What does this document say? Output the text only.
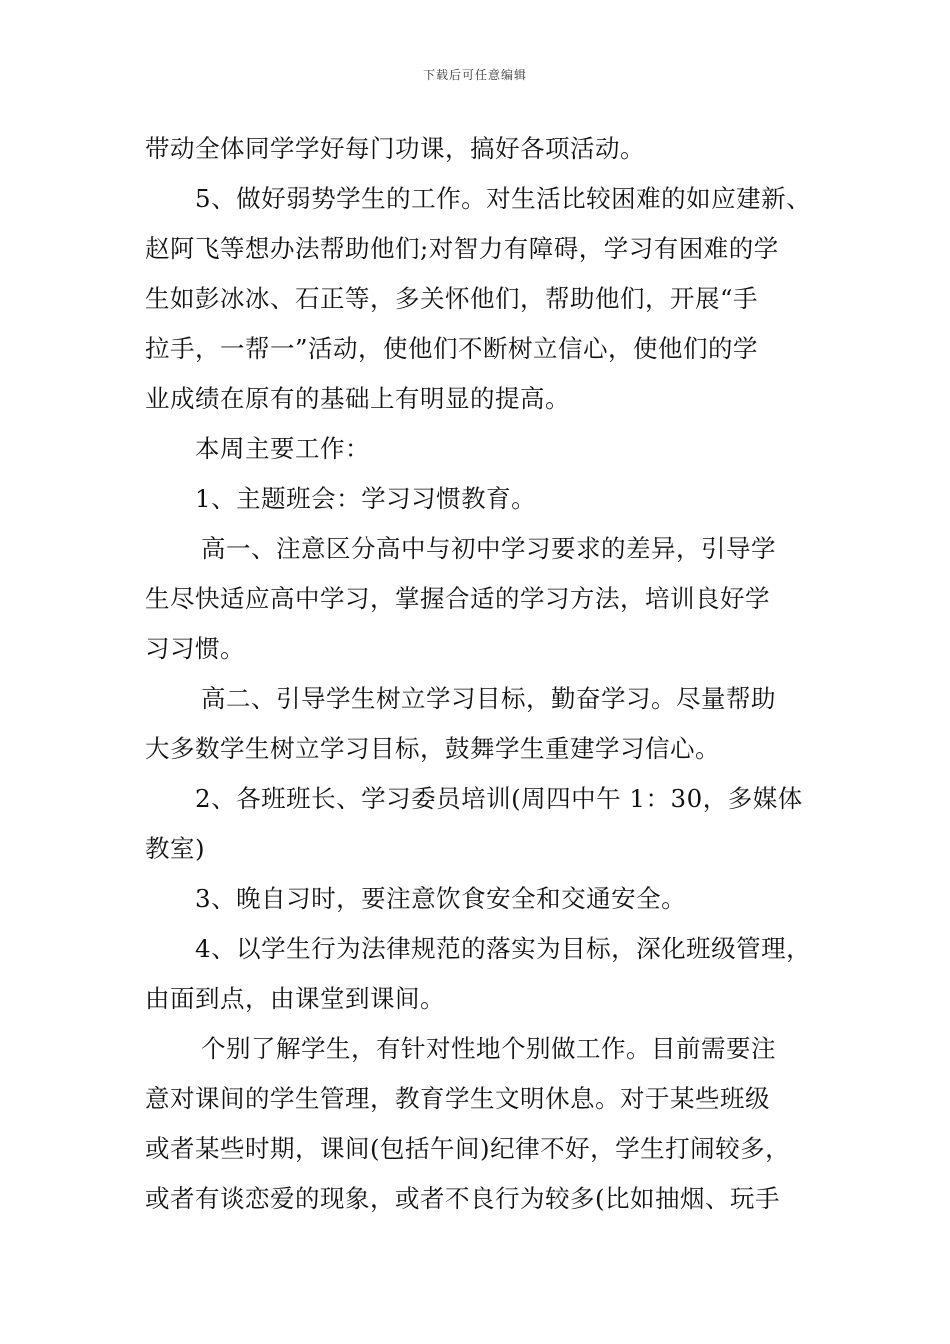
下载后可任意编辑
带动全体同学学好每门功课，搞好各项活动。
5、做好弱势学生的工作。对生活比较困难的如应建新、
赵阿飞等想办法帮助他们;对智力有障碍，学习有困难的学
生如彭冰冰、石正等，多关怀他们，帮助他们，开展“手
拉手，一帮一”活动，使他们不断树立信心，使他们的学
业成绩在原有的基础上有明显的提高。
本周主要工作：
1、主题班会：学习习惯教育。
高一、注意区分高中与初中学习要求的差异，引导学
生尽快适应高中学习，掌握合适的学习方法，培训良好学
习习惯。
高二、引导学生树立学习目标，勤奋学习。尽量帮助
大多数学生树立学习目标，鼓舞学生重建学习信心。
2、各班班长、学习委员培训(周四中午 1：30，多媒体
教室)
3、晚自习时，要注意饮食安全和交通安全。
4、以学生行为法律规范的落实为目标，深化班级管理，
由面到点，由课堂到课间。
个别了解学生，有针对性地个别做工作。目前需要注
意对课间的学生管理，教育学生文明休息。对于某些班级
或者某些时期，课间(包括午间)纪律不好，学生打闹较多，
或者有谈恋爱的现象，或者不良行为较多(比如抽烟、玩手
